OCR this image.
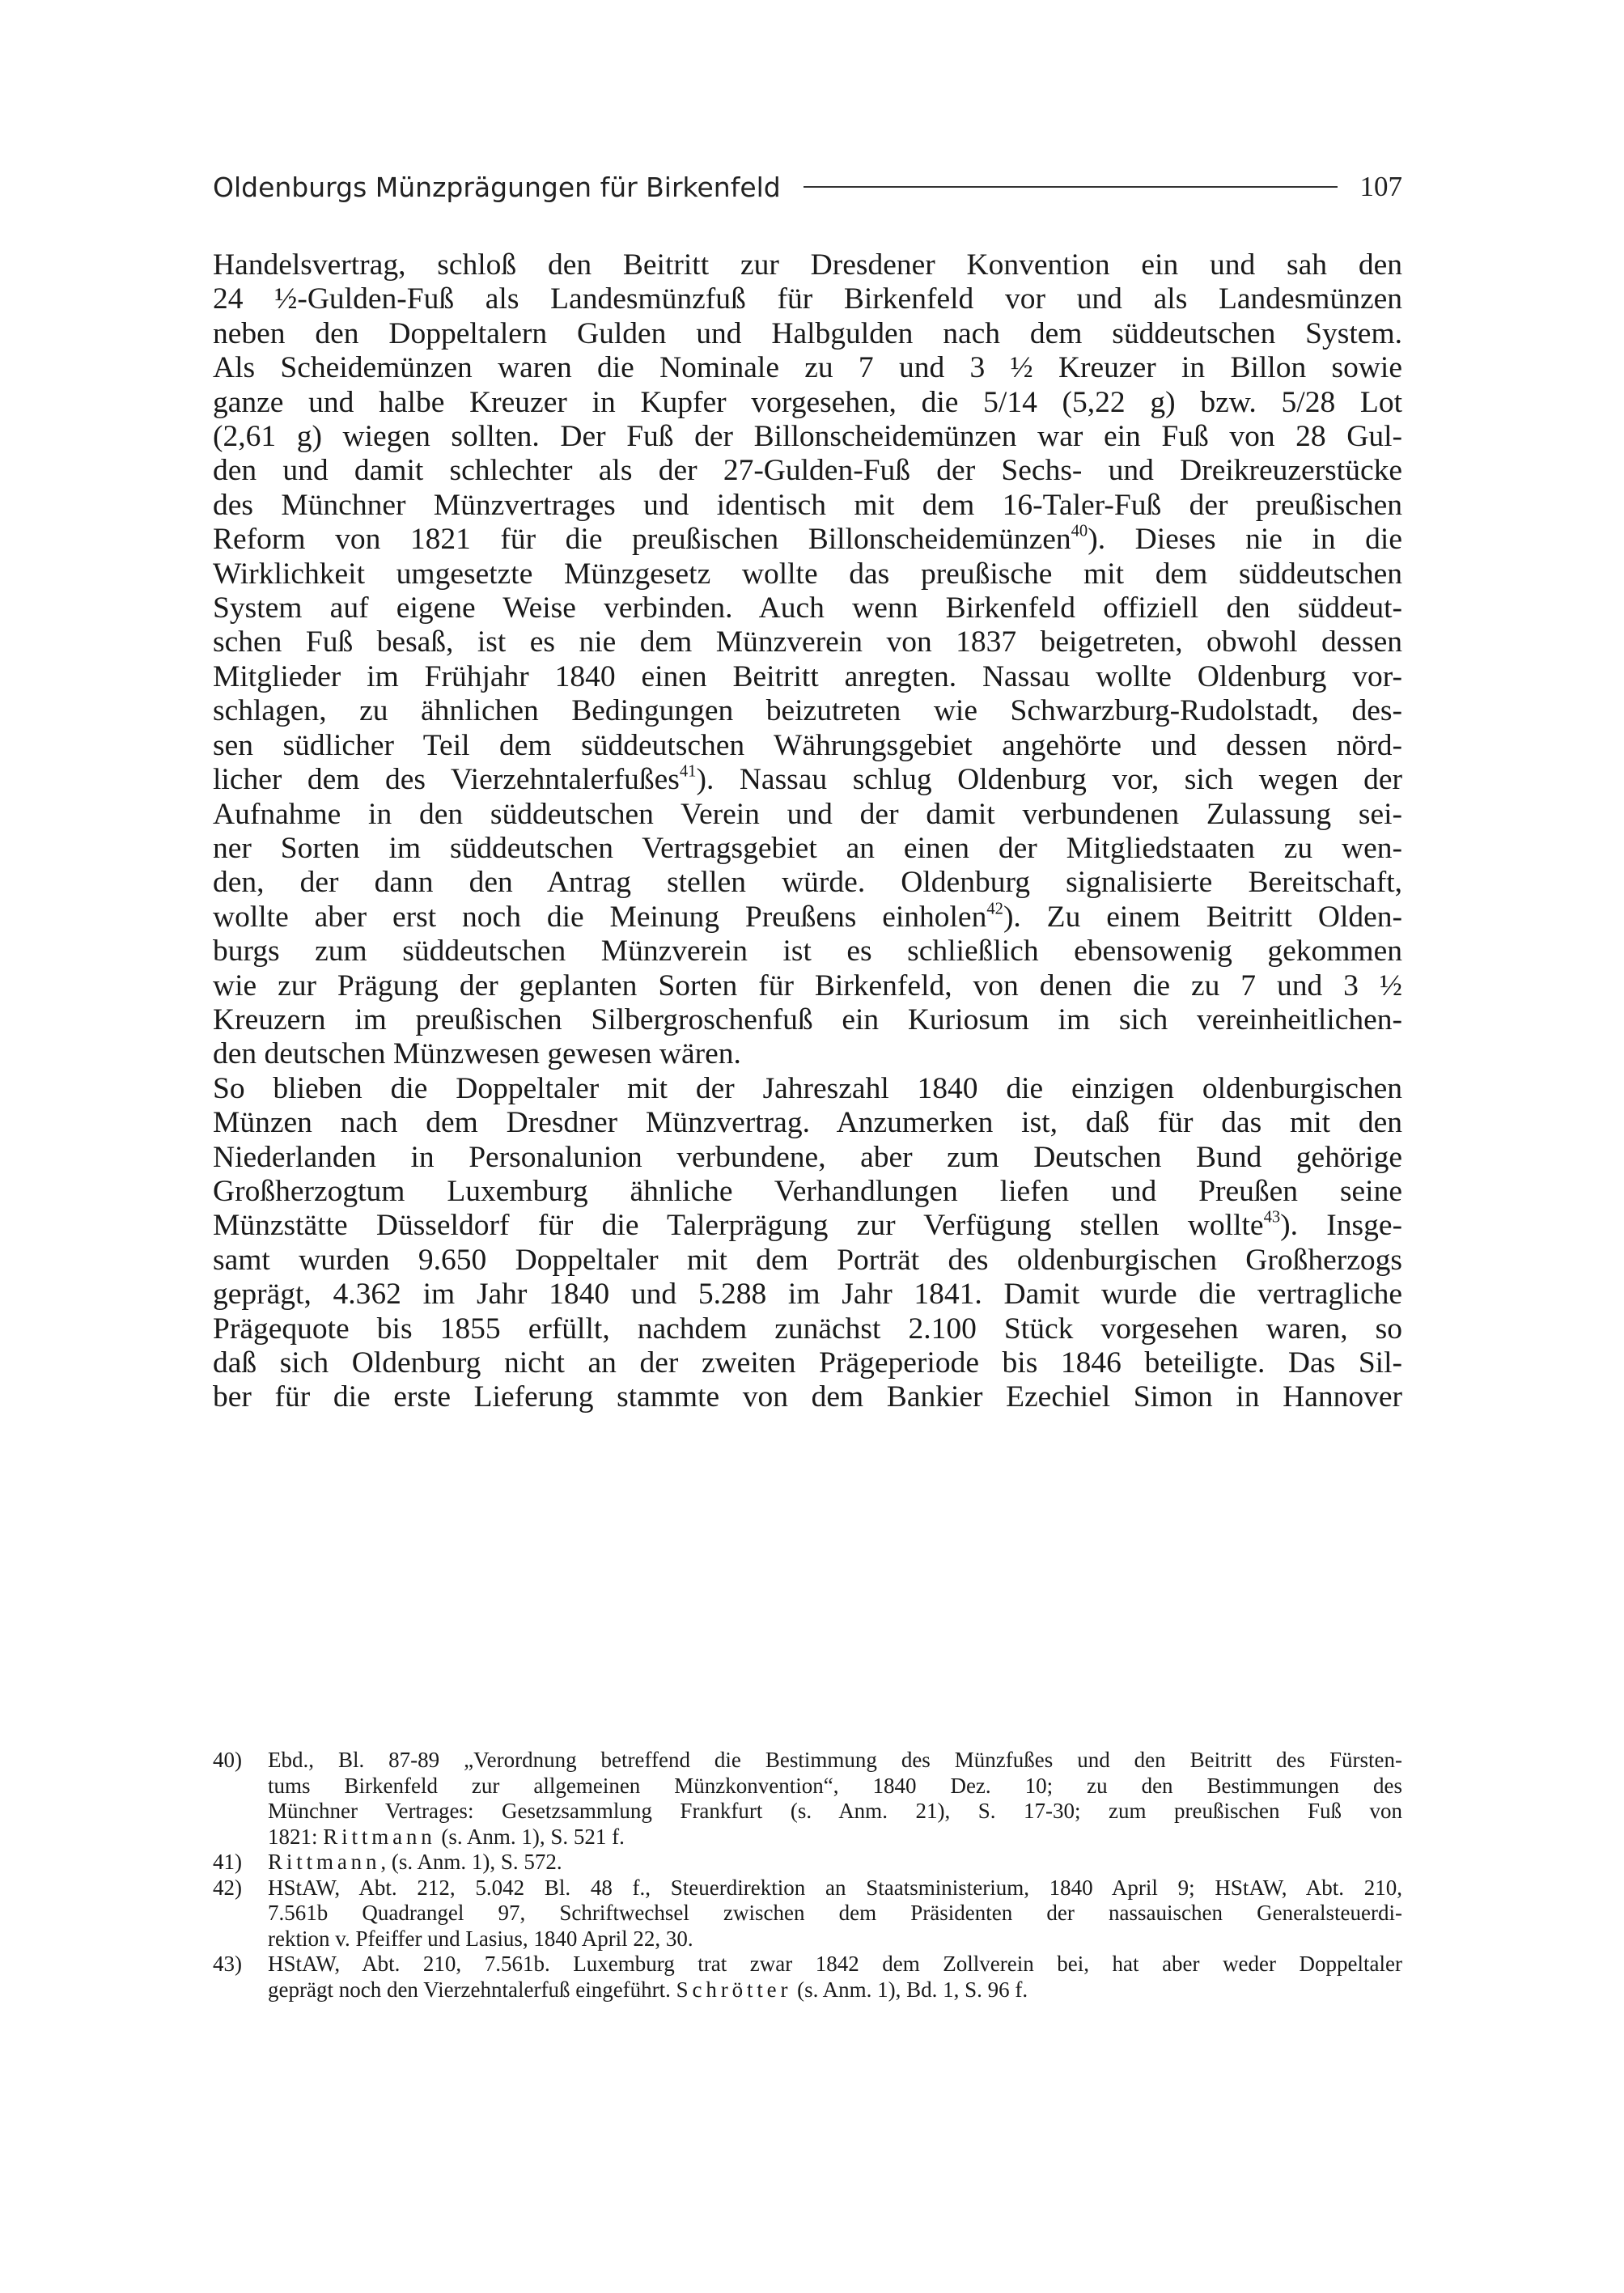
Oldenburgs Münzprägungen für Birkenfeld	107
Handelsvertrag, schloß den Beitritt zur Dresdener Konvention ein und sah den
24 ½-Gulden-Fuß als Landesmünzfuß für Birkenfeld vor und als Landesmünzen
neben den Doppeltalern Gulden und Halbgulden nach dem süddeutschen System.
Als Scheidemünzen waren die Nominale zu 7 und 3 ½ Kreuzer in Billon sowie
ganze und halbe Kreuzer in Kupfer vorgesehen, die 5/14 (5,22 g) bzw. 5/28 Lot
(2,61 g) wiegen sollten. Der Fuß der Billonscheidemünzen war ein Fuß von 28 Gul-
den und damit schlechter als der 27-Gulden-Fuß der Sechs- und Dreikreuzerstücke
des Münchner Münzvertrages und identisch mit dem 16-Taler-Fuß der preußischen
Reform von 1821 für die preußischen Billonscheidemünzen$^{40}$). Dieses nie in die
Wirklichkeit umgesetzte Münzgesetz wollte das preußische mit dem süddeutschen
System auf eigene Weise verbinden. Auch wenn Birkenfeld offiziell den süddeut-
schen Fuß besaß, ist es nie dem Münzverein von 1837 beigetreten, obwohl dessen
Mitglieder im Frühjahr 1840 einen Beitritt anregten. Nassau wollte Oldenburg vor-
schlagen, zu ähnlichen Bedingungen beizutreten wie Schwarzburg-Rudolstadt, des-
sen südlicher Teil dem süddeutschen Währungsgebiet angehörte und dessen nörd-
licher dem des Vierzehntalerfußes$^{41}$). Nassau schlug Oldenburg vor, sich wegen der
Aufnahme in den süddeutschen Verein und der damit verbundenen Zulassung sei-
ner Sorten im süddeutschen Vertragsgebiet an einen der Mitgliedstaaten zu wen-
den, der dann den Antrag stellen würde. Oldenburg signalisierte Bereitschaft,
wollte aber erst noch die Meinung Preußens einholen$^{42}$). Zu einem Beitritt Olden-
burgs zum süddeutschen Münzverein ist es schließlich ebensowenig gekommen
wie zur Prägung der geplanten Sorten für Birkenfeld, von denen die zu 7 und 3 ½
Kreuzern im preußischen Silbergroschenfuß ein Kuriosum im sich vereinheitlichen-
den deutschen Münzwesen gewesen wären.
So blieben die Doppeltaler mit der Jahreszahl 1840 die einzigen oldenburgischen
Münzen nach dem Dresdner Münzvertrag. Anzumerken ist, daß für das mit den
Niederlanden in Personalunion verbundene, aber zum Deutschen Bund gehörige
Großherzogtum Luxemburg ähnliche Verhandlungen liefen und Preußen seine
Münzstätte Düsseldorf für die Talerprägung zur Verfügung stellen wollte$^{43}$). Insge-
samt wurden 9.650 Doppeltaler mit dem Porträt des oldenburgischen Großherzogs
geprägt, 4.362 im Jahr 1840 und 5.288 im Jahr 1841. Damit wurde die vertragliche
Prägequote bis 1855 erfüllt, nachdem zunächst 2.100 Stück vorgesehen waren, so
daß sich Oldenburg nicht an der zweiten Prägeperiode bis 1846 beteiligte. Das Sil-
ber für die erste Lieferung stammte von dem Bankier Ezechiel Simon in Hannover
40)	Ebd., Bl. 87-89 „Verordnung betreffend die Bestimmung des Münzfußes und den Beitritt des Fürsten-
tums Birkenfeld zur allgemeinen Münzkonvention“, 1840 Dez. 10; zu den Bestimmungen des
Münchner Vertrages: Gesetzsammlung Frankfurt (s. Anm. 21), S. 17-30; zum preußischen Fuß von
1821: Rittmann (s. Anm. 1), S. 521 f.
41)	Rittmann, (s. Anm. 1), S. 572.
42)	HStAW, Abt. 212, 5.042 Bl. 48 f., Steuerdirektion an Staatsministerium, 1840 April 9; HStAW, Abt. 210,
7.561b Quadrangel 97, Schriftwechsel zwischen dem Präsidenten der nassauischen Generalsteuerdi-
rektion v. Pfeiffer und Lasius, 1840 April 22, 30.
43)	HStAW, Abt. 210, 7.561b. Luxemburg trat zwar 1842 dem Zollverein bei, hat aber weder Doppeltaler
geprägt noch den Vierzehntalerfuß eingeführt. Schrötter (s. Anm. 1), Bd. 1, S. 96 f.
